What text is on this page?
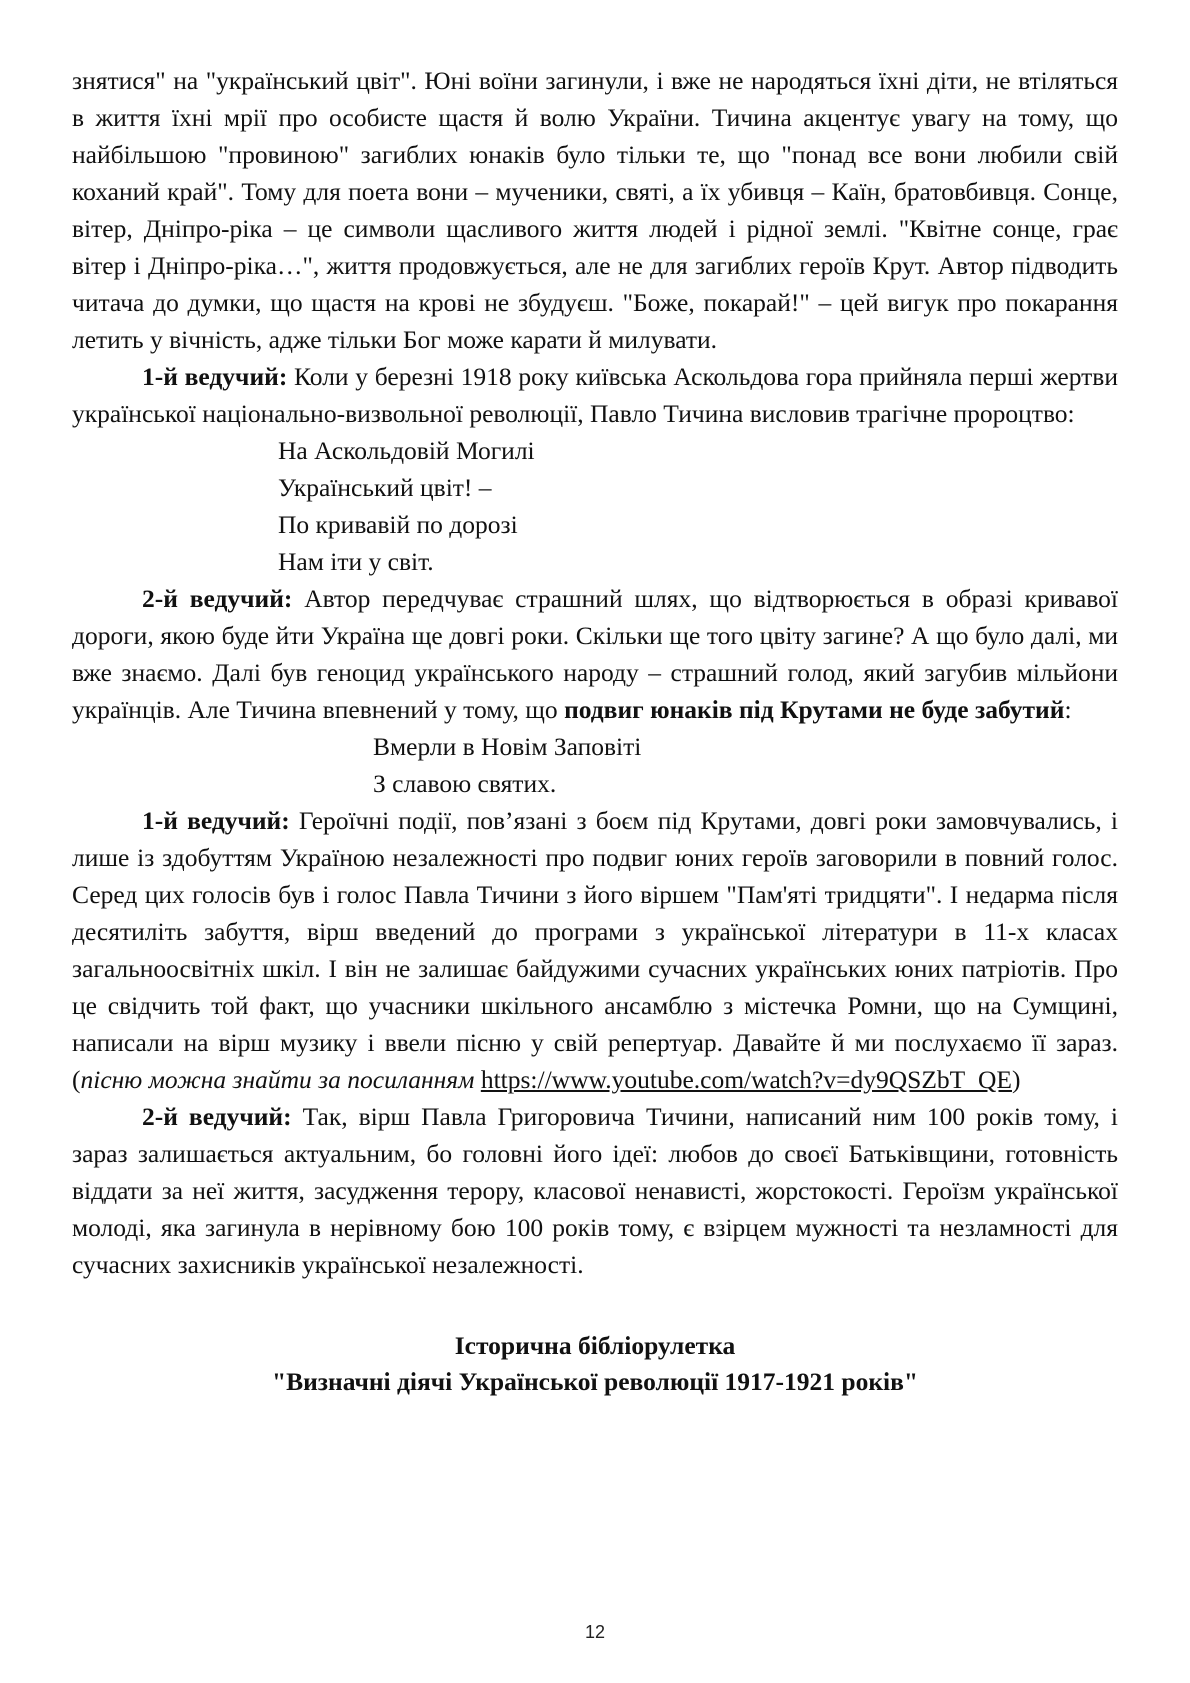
знятися" на "український цвіт". Юні воїни загинули, і вже не народяться їхні діти, не втіляться в життя їхні мрії про особисте щастя й волю України. Тичина акцентує увагу на тому, що найбільшою "провиною" загиблих юнаків було тільки те, що "понад все вони любили свій коханий край". Тому для поета вони – мученики, святі, а їх убивця – Каїн, братовбивця. Сонце, вітер, Дніпро-ріка – це символи щасливого життя людей і рідної землі. "Квітне сонце, грає вітер і Дніпро-ріка…", життя продовжується, але не для загиблих героїв Крут. Автор підводить читача до думки, що щастя на крові не збудуєш. "Боже, покарай!" – цей вигук про покарання летить у вічність, адже тільки Бог може карати й милувати.

1-й ведучий: Коли у березні 1918 року київська Аскольдова гора прийняла перші жертви української національно-визвольної революції, Павло Тичина висловив трагічне пророцтво:

На Аскольдовій Могилі

Український цвіт! –

По кривавій по дорозі

Нам іти у світ.

2-й ведучий: Автор передчуває страшний шлях, що відтворюється в образі кривавої дороги, якою буде йти Україна ще довгі роки. Скільки ще того цвіту загине? А що було далі, ми вже знаємо. Далі був геноцид українського народу – страшний голод, який загубив мільйони українців. Але Тичина впевнений у тому, що подвиг юнаків під Крутами не буде забутий:

Вмерли в Новім Заповіті

З славою святих.

1-й ведучий: Героїчні події, пов’язані з боєм під Крутами, довгі роки замовчувались, і лише із здобуттям Україною незалежності про подвиг юних героїв заговорили в повний голос. Серед цих голосів був і голос Павла Тичини з його віршем "Пам'яті тридцяти". І недарма після десятиліть забуття, вірш введений до програми з української літератури в 11-х класах загальноосвітніх шкіл. І він не залишає байдужими сучасних українських юних патріотів. Про це свідчить той факт, що учасники шкільного ансамблю з містечка Ромни, що на Сумщині, написали на вірш музику і ввели пісню у свій репертуар. Давайте й ми послухаємо її зараз. (пісню можна знайти за посиланням https://www.youtube.com/watch?v=dy9QSZbT_QE)

2-й ведучий: Так, вірш Павла Григоровича Тичини, написаний ним 100 років тому, і зараз залишається актуальним, бо головні його ідеї: любов до своєї Батьківщини, готовність віддати за неї життя, засудження терору, класової ненависті, жорстокості. Героїзм української молоді, яка загинула в нерівному бою 100 років тому, є взірцем мужності та незламності для сучасних захисників української незалежності.

Історична бібліорулетка

"Визначні діячі Української революції 1917-1921 років"

12
